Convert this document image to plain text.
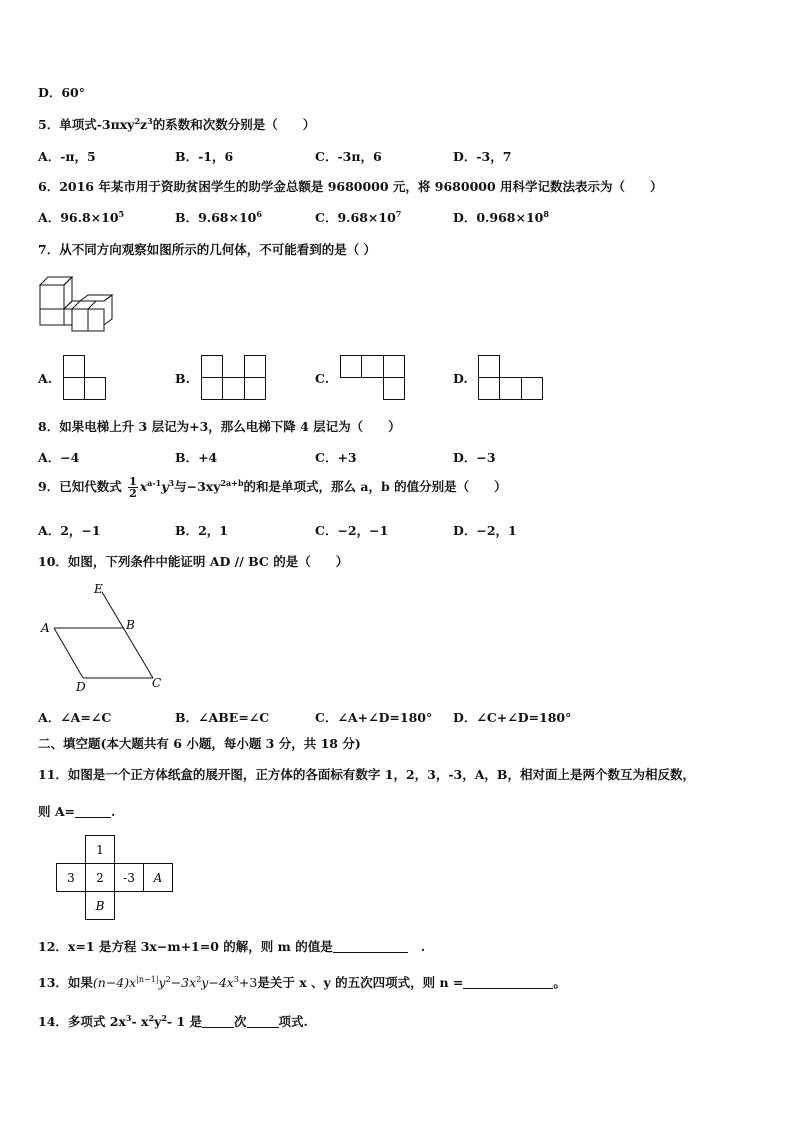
D．60°
5．单项式$-3\pi xy^2z^3$的系数和次数分别是（　　）
A．-π，5	B．-1，6	C．-3π，6	D．-3，7
6．2016 年某市用于资助贫困学生的助学金总额是 9680000 元，将 9680000 用科学记数法表示为（　　）
A．$96.8\times 10^5$	B．$9.68\times 10^6$	C．$9.68\times 10^7$	D．$0.968\times 10^8$
7．从不同方向观察如图所示的几何体，不可能看到的是（ ）
A.	B.	C.	D.
8．如果电梯上升 3 层记为+3，那么电梯下降 4 层记为（　　）
A．−4	B．+4	C．+3	D．−3
9．已知代数式 $\frac{1}{2} x^{a-1}y^3$与$-3xy^{2a+b}$的和是单项式，那么 a，b 的值分别是（　　）
A．2，−1	B．2，1	C．−2，−1	D．−2，1
10．如图，下列条件中能证明 AD // BC 的是（　　）
E
A	B
D	C
A．∠A=∠C	B．∠ABE=∠C	C．∠A+∠D=180° D．∠C+∠D=180°
二、填空题(本大题共有 6 小题，每小题 3 分，共 18 分)
11．如图是一个正方体纸盒的展开图，正方体的各面标有数字 1，2，3，-3，A，B，相对面上是两个数互为相反数，
则 A=	.
1
3 2 -3 A
B
12．x=1 是方程 3x−m+1=0 的解，则 m 的值是	.
13．如果$(n-4)x^{|n-1|}y^2-3x^2y-4x^3+3$是关于 x 、y 的五次四项式，则 n =	。
14．多项式 $2x^3-$ $x^2y^2-$ 1 是	次	项式.
